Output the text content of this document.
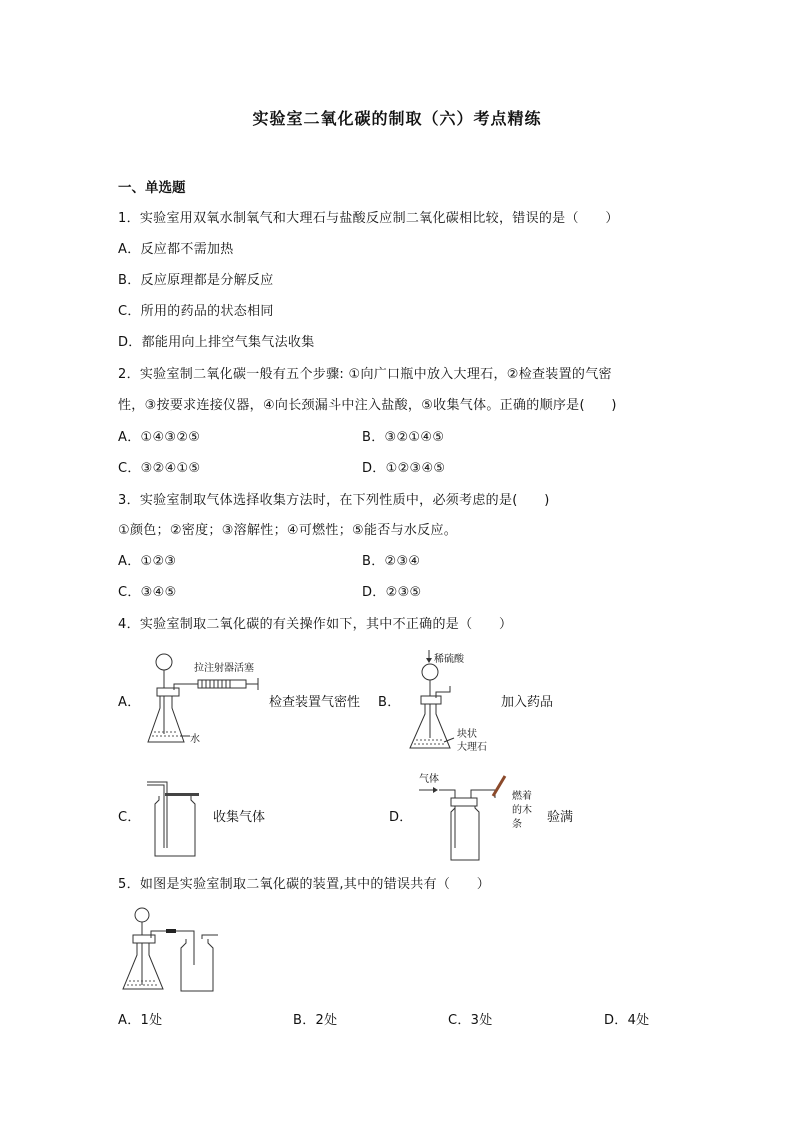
实验室二氧化碳的制取（六）考点精练
一、单选题
1．实验室用双氧水制氧气和大理石与盐酸反应制二氧化碳相比较，错误的是（　　）
A．反应都不需加热
B．反应原理都是分解反应
C．所用的药品的状态相同
D．都能用向上排空气集气法收集
2．实验室制二氧化碳一般有五个步骤: ①向广口瓶中放入大理石，②检查装置的气密
性，③按要求连接仪器，④向长颈漏斗中注入盐酸，⑤收集气体。正确的顺序是(　　)
A．①④③②⑤	B．③②①④⑤
C．③②④①⑤	D．①②③④⑤
3．实验室制取气体选择收集方法时，在下列性质中，必须考虑的是(　　)
①颜色；②密度；③溶解性；④可燃性；⑤能否与水反应。
A．①②③	B．②③④
C．③④⑤	D．②③⑤
4．实验室制取二氧化碳的有关操作如下，其中不正确的是（　　）
A．
拉注射器活塞
水
检查装置气密性 B．
稀硫酸
块状
大理石
加入药品
C．	收集气体	D．
气体
燃着
的木
条 验满
5．如图是实验室制取二氧化碳的装置,其中的错误共有（　　）
A．1处	B．2处	C．3处	D．4处
